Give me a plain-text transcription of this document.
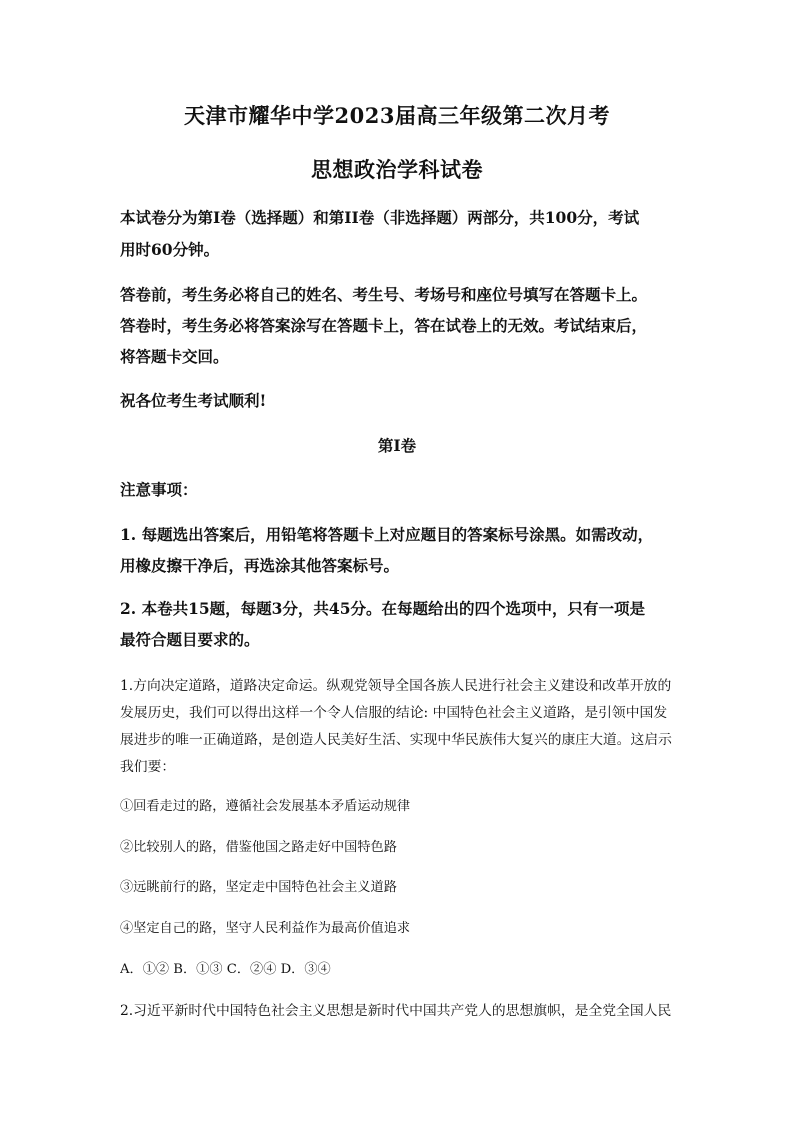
天津市耀华中学2023届高三年级第二次月考
思想政治学科试卷
本试卷分为第I卷（选择题）和第II卷（非选择题）两部分，共100分，考试
用时60分钟。
答卷前，考生务必将自己的姓名、考生号、考场号和座位号填写在答题卡上。
答卷时，考生务必将答案涂写在答题卡上，答在试卷上的无效。考试结束后，
将答题卡交回。
祝各位考生考试顺利!
第I卷
注意事项：
1. 每题选出答案后，用铅笔将答题卡上对应题目的答案标号涂黑。如需改动，
用橡皮擦干净后，再选涂其他答案标号。
2. 本卷共15题，每题3分，共45分。在每题给出的四个选项中，只有一项是
最符合题目要求的。
1.方向决定道路，道路决定命运。纵观党领导全国各族人民进行社会主义建设和改革开放的
发展历史，我们可以得出这样一个令人信服的结论: 中国特色社会主义道路，是引领中国发
展进步的唯一正确道路，是创造人民美好生活、实现中华民族伟大复兴的康庄大道。这启示
我们要：
①回看走过的路，遵循社会发展基本矛盾运动规律
②比较别人的路，借鉴他国之路走好中国特色路
③远眺前行的路，坚定走中国特色社会主义道路
④坚定自己的路，坚守人民利益作为最高价值追求
A．①② B．①③ C．②④ D．③④
2.习近平新时代中国特色社会主义思想是新时代中国共产党人的思想旗帜，是全党全国人民
